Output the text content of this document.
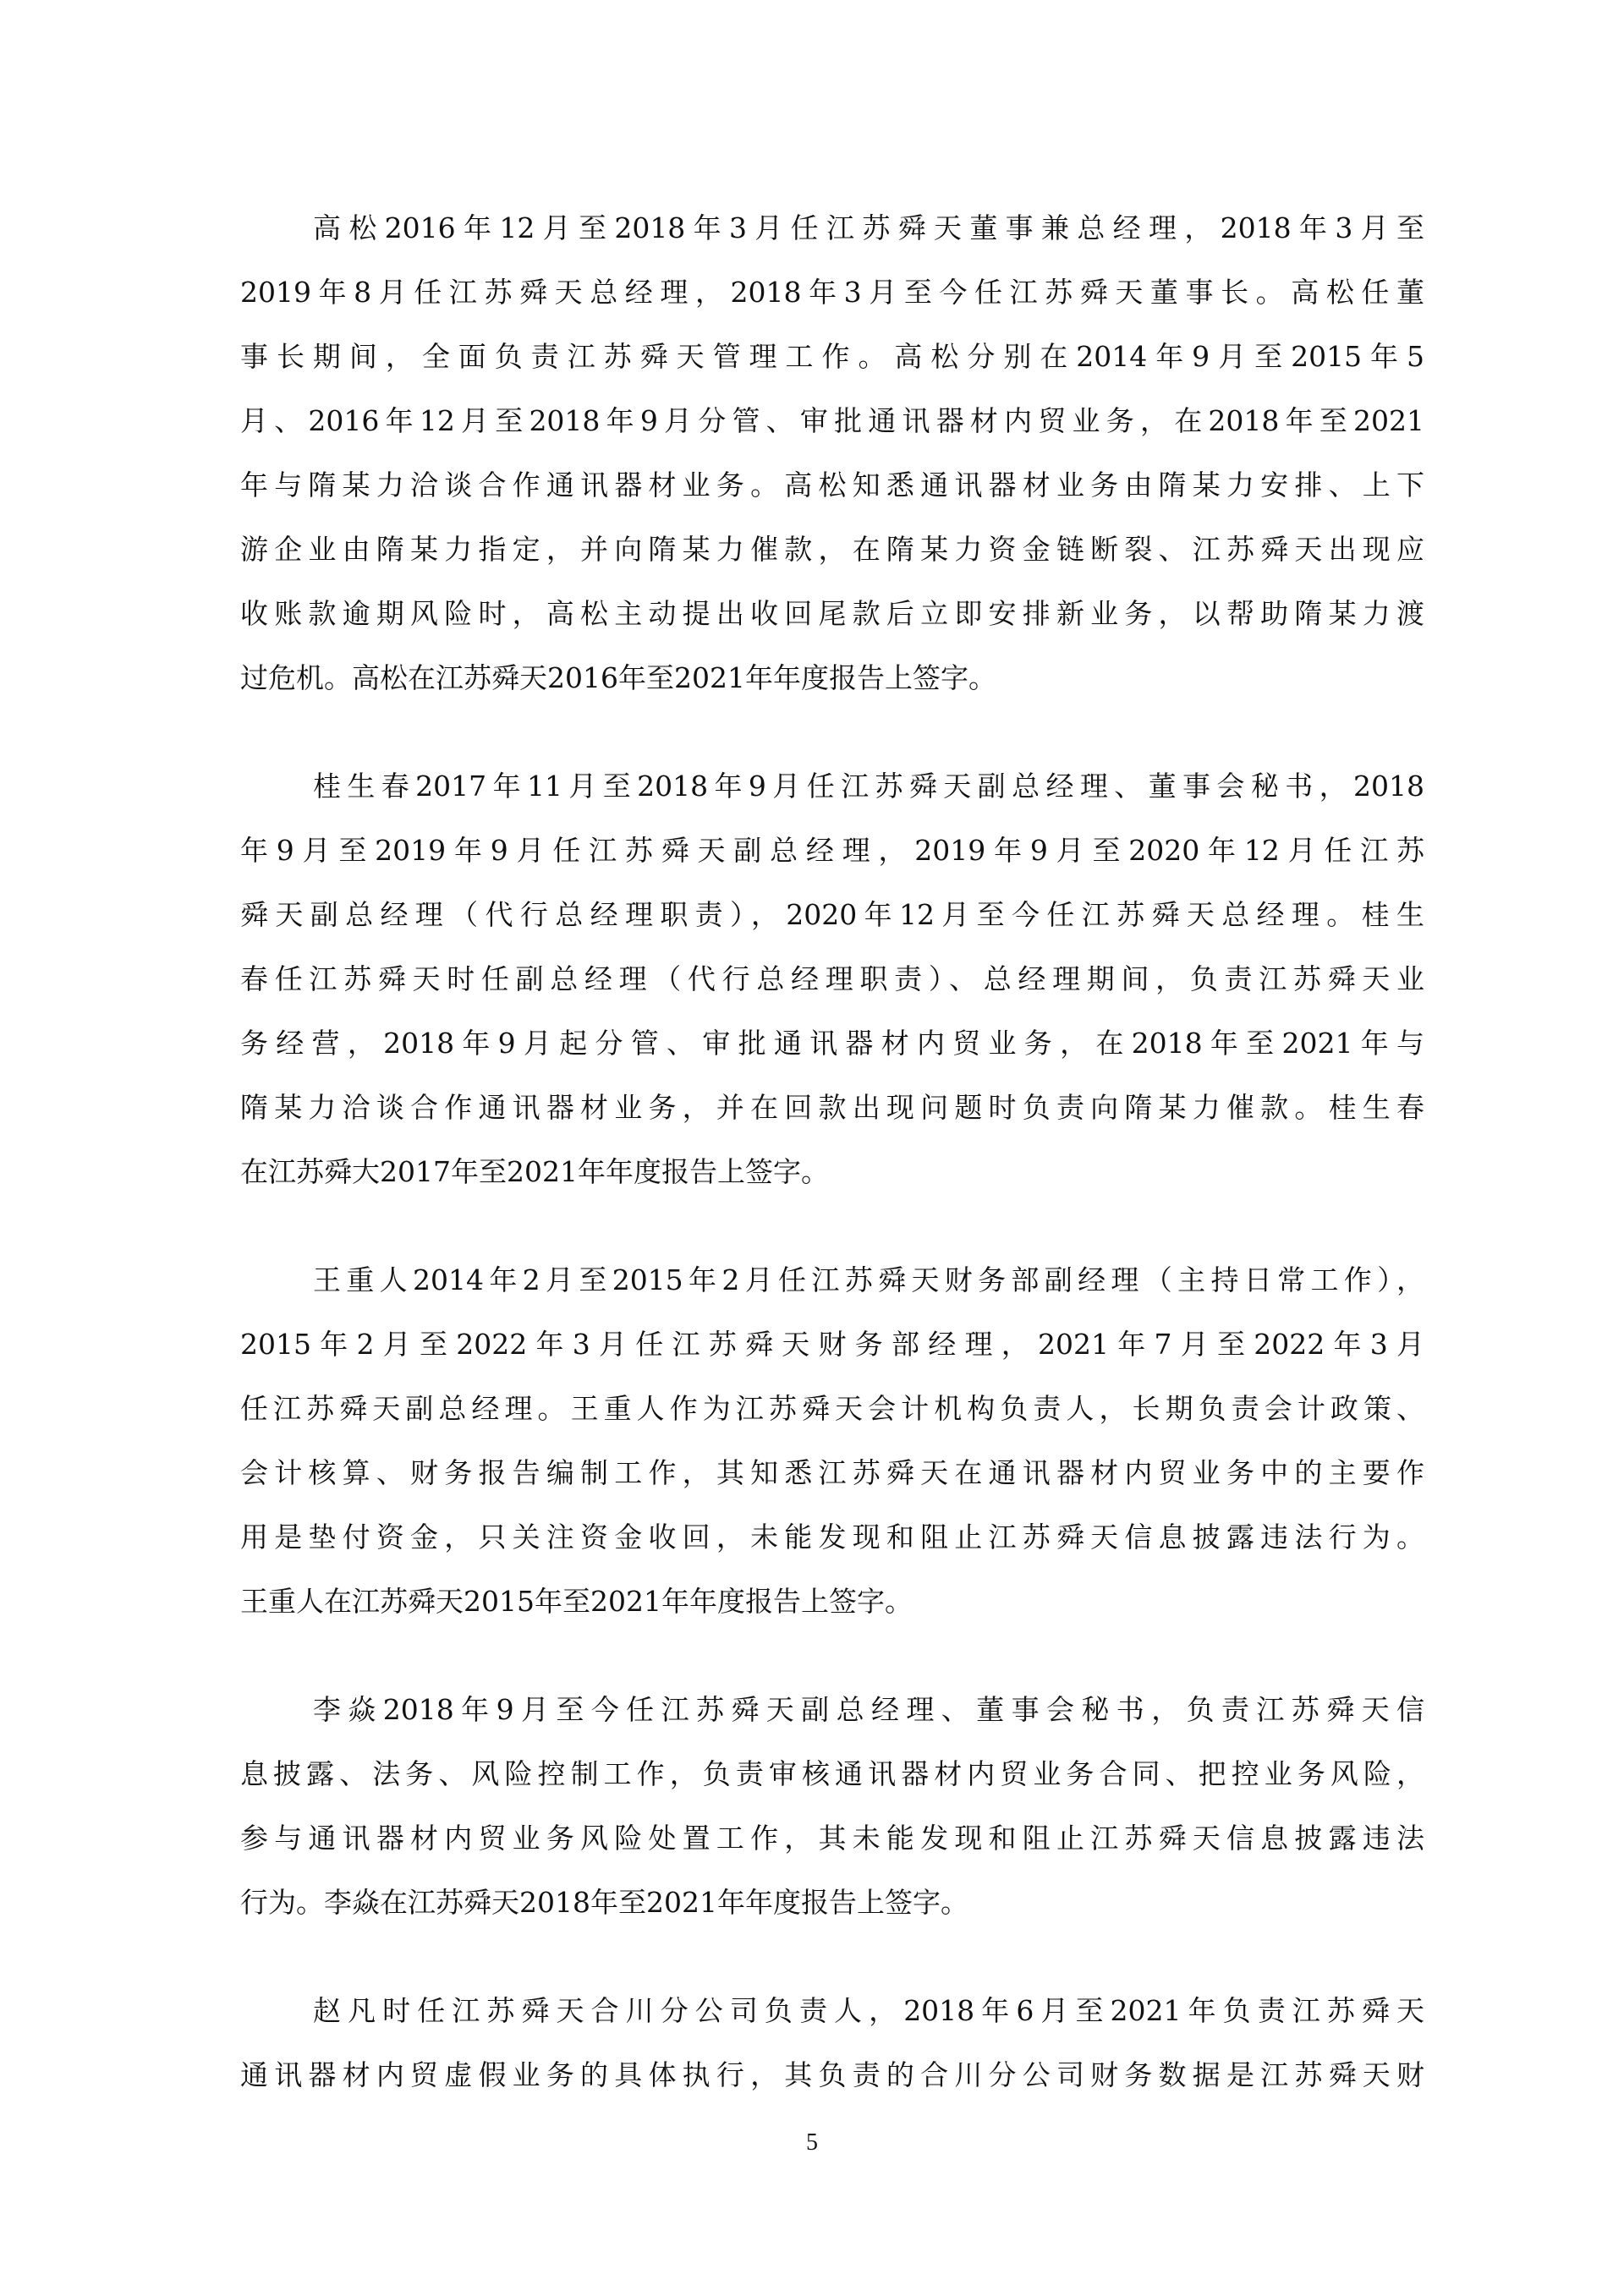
高松2016年12月至2018年3月任江苏舜天董事兼总经理，2018年3月至
2019年8月任江苏舜天总经理，2018年3月至今任江苏舜天董事长。高松任董
事长期间，全面负责江苏舜天管理工作。高松分别在2014年9月至2015年5
月、2016年12月至2018年9月分管、审批通讯器材内贸业务，在2018年至2021
年与隋某力洽谈合作通讯器材业务。高松知悉通讯器材业务由隋某力安排、上下
游企业由隋某力指定，并向隋某力催款，在隋某力资金链断裂、江苏舜天出现应
收账款逾期风险时，高松主动提出收回尾款后立即安排新业务，以帮助隋某力渡
过危机。高松在江苏舜天2016年至2021年年度报告上签字。
桂生春2017年11月至2018年9月任江苏舜天副总经理、董事会秘书，2018
年9月至2019年9月任江苏舜天副总经理，2019年9月至2020年12月任江苏
舜天副总经理（代行总经理职责），2020年12月至今任江苏舜天总经理。桂生
春任江苏舜天时任副总经理（代行总经理职责）、总经理期间，负责江苏舜天业
务经营，2018年9月起分管、审批通讯器材内贸业务，在2018年至2021年与
隋某力洽谈合作通讯器材业务，并在回款出现问题时负责向隋某力催款。桂生春
在江苏舜大2017年至2021年年度报告上签字。
王重人2014年2月至2015年2月任江苏舜天财务部副经理（主持日常工作），
2015年2月至2022年3月任江苏舜天财务部经理，2021年7月至2022年3月
任江苏舜天副总经理。王重人作为江苏舜天会计机构负责人，长期负责会计政策、
会计核算、财务报告编制工作，其知悉江苏舜天在通讯器材内贸业务中的主要作
用是垫付资金，只关注资金收回，未能发现和阻止江苏舜天信息披露违法行为。
王重人在江苏舜天2015年至2021年年度报告上签字。
李焱2018年9月至今任江苏舜天副总经理、董事会秘书，负责江苏舜天信
息披露、法务、风险控制工作，负责审核通讯器材内贸业务合同、把控业务风险，
参与通讯器材内贸业务风险处置工作，其未能发现和阻止江苏舜天信息披露违法
行为。李焱在江苏舜天2018年至2021年年度报告上签字。
赵凡时任江苏舜天合川分公司负责人，2018年6月至2021年负责江苏舜天
通讯器材内贸虚假业务的具体执行，其负责的合川分公司财务数据是江苏舜天财
5
